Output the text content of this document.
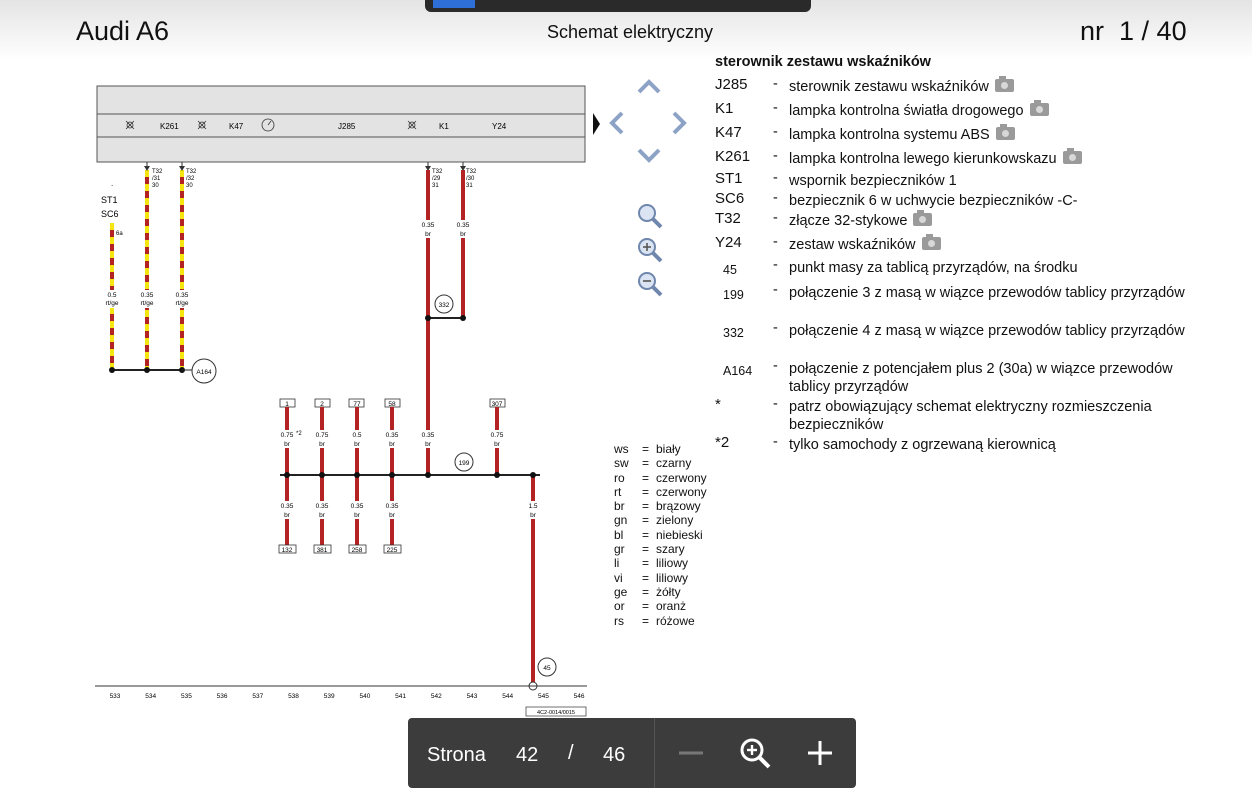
Audi A6	Schemat elektryczny	nr 1 / 40
K261	K47	J285	K1	Y24
ST1
SC6
.
6a
T32
/31
30
T32
/32
30
T32
/29
31
T32
/30
31
0.5
rt/ge
0.35
rt/ge
0.35
rt/ge
A164
0.35
br
0.35
br
332
1	2	77	58	307
*2
0.75
br
0.75
br
0.5
br
0.35
br
0.35
br
0.75
br
199
0.35
br
0.35
br
0.35
br
0.35
br
1.5
br
132	381	258	225
45
533	534	535	536	537	538	539	540	541	542	543	544	545	546
4C2-0014/0015
sterownik zestawu wskaźników
J285 - sterownik zestawu wskaźników
K1	- lampka kontrolna światła drogowego
K47 - lampka kontrolna systemu ABS
K261 - lampka kontrolna lewego kierunkowskazu
ST1 - wspornik bezpieczników 1
SC6 - bezpiecznik 6 w uchwycie bezpieczników -C-
T32 - złącze 32-stykowe
Y24 - zestaw wskaźników
45 - punkt masy za tablicą przyrządów, na środku
199 - połączenie 3 z masą w wiązce przewodów tablicy przyrządów
332 - połączenie 4 z masą w wiązce przewodów tablicy przyrządów
A164 - połączenie z potencjałem plus 2 (30a) w wiązce przewodów tablicy przyrządów
*	- patrz obowiązujący schemat elektryczny rozmieszczenia bezpieczników
*2	- tylko samochody z ogrzewaną kierownicą
ws = biały
sw = czarny
ro = czerwony
rt = czerwony
br = brązowy
gn = zielony
bl = niebieski
gr = szary
li = liliowy
vi = liliowy
ge = żółty
or = oranż
rs = różowe
Strona 42 / 46
